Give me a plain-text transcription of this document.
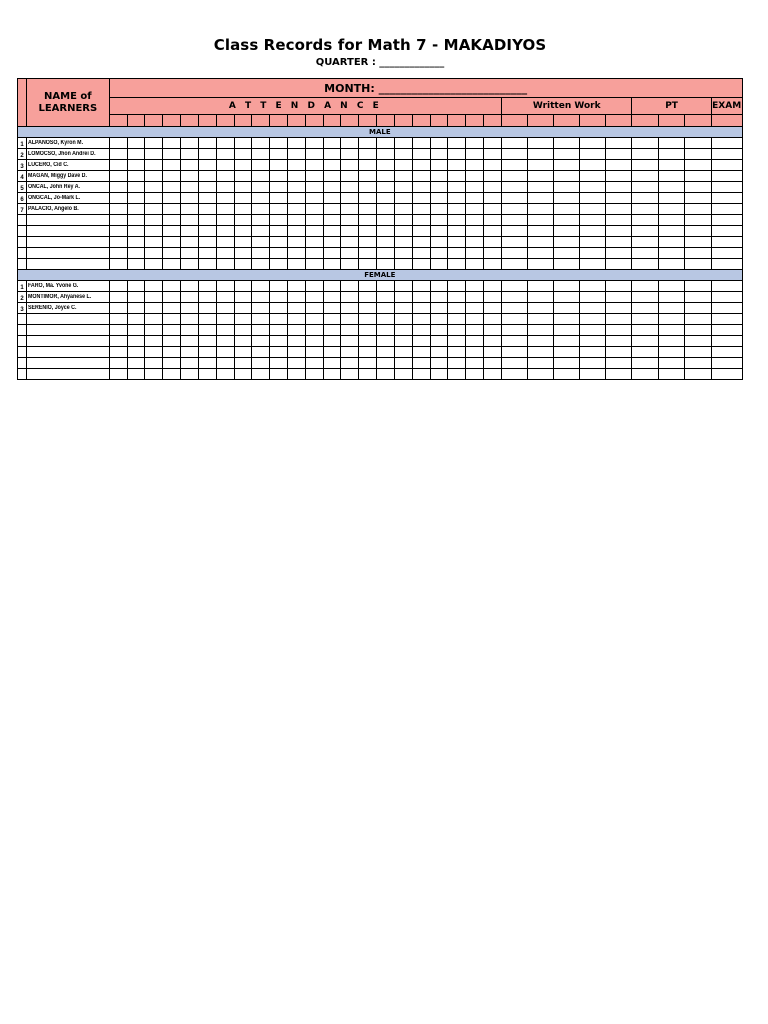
Class Records for Math 7 - MAKADIYOS
QUARTER : _____________
	NAME of LEARNERS	MONTH: ___________________________																														
		A T T E N D A N C E																						Written Work					PT			EXAM

MALE																																
1	ALPANOSO, Kyron M.																															
2	LOMOCSO, Jhon Andrei D.																															
3	LUCERO, Cid C.																															
4	MAGAN, Miggy Dave D.																															
5	ONCAL, John Rey A.																															
6	ONGCAL, Jo-Mark L.																															
7	PALACIO, Angelo B.																															

FEMALE																																
1	FARO, Ma. Yvone G.																															
2	MONTIMOR, Ahyanese L.																															
3	SERENIO, Joyce C.																															
